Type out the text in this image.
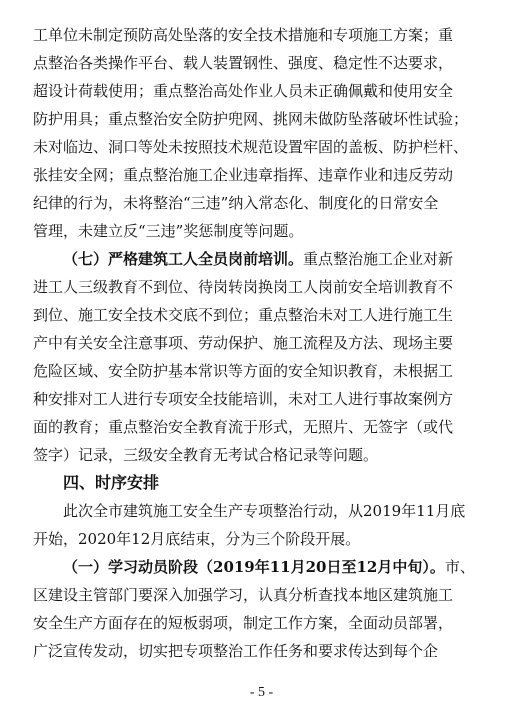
工单位未制定预防高处坠落的安全技术措施和专项施工方案；重
点整治各类操作平台、载人装置钢性、强度、稳定性不达要求，
超设计荷载使用；重点整治高处作业人员未正确佩戴和使用安全
防护用具；重点整治安全防护兜网、挑网未做防坠落破坏性试验；
未对临边、洞口等处未按照技术规范设置牢固的盖板、防护栏杆、
张挂安全网；重点整治施工企业违章指挥、违章作业和违反劳动
纪律的行为，未将整治“三违”纳入常态化、制度化的日常安全
管理，未建立反“三违”奖惩制度等问题。
（七）严格建筑工人全员岗前培训。重点整治施工企业对新
进工人三级教育不到位、待岗转岗换岗工人岗前安全培训教育不
到位、施工安全技术交底不到位；重点整治未对工人进行施工生
产中有关安全注意事项、劳动保护、施工流程及方法、现场主要
危险区域、安全防护基本常识等方面的安全知识教育，未根据工
种安排对工人进行专项安全技能培训，未对工人进行事故案例方
面的教育；重点整治安全教育流于形式，无照片、无签字（或代
签字）记录，三级安全教育无考试合格记录等问题。
四、时序安排
此次全市建筑施工安全生产专项整治行动，从2019年11月底
开始，2020年12月底结束，分为三个阶段开展。
（一）学习动员阶段（2019年11月20日至12月中旬）。市、
区建设主管部门要深入加强学习，认真分析查找本地区建筑施工
安全生产方面存在的短板弱项，制定工作方案，全面动员部署，
广泛宣传发动，切实把专项整治工作任务和要求传达到每个企
- 5 -
